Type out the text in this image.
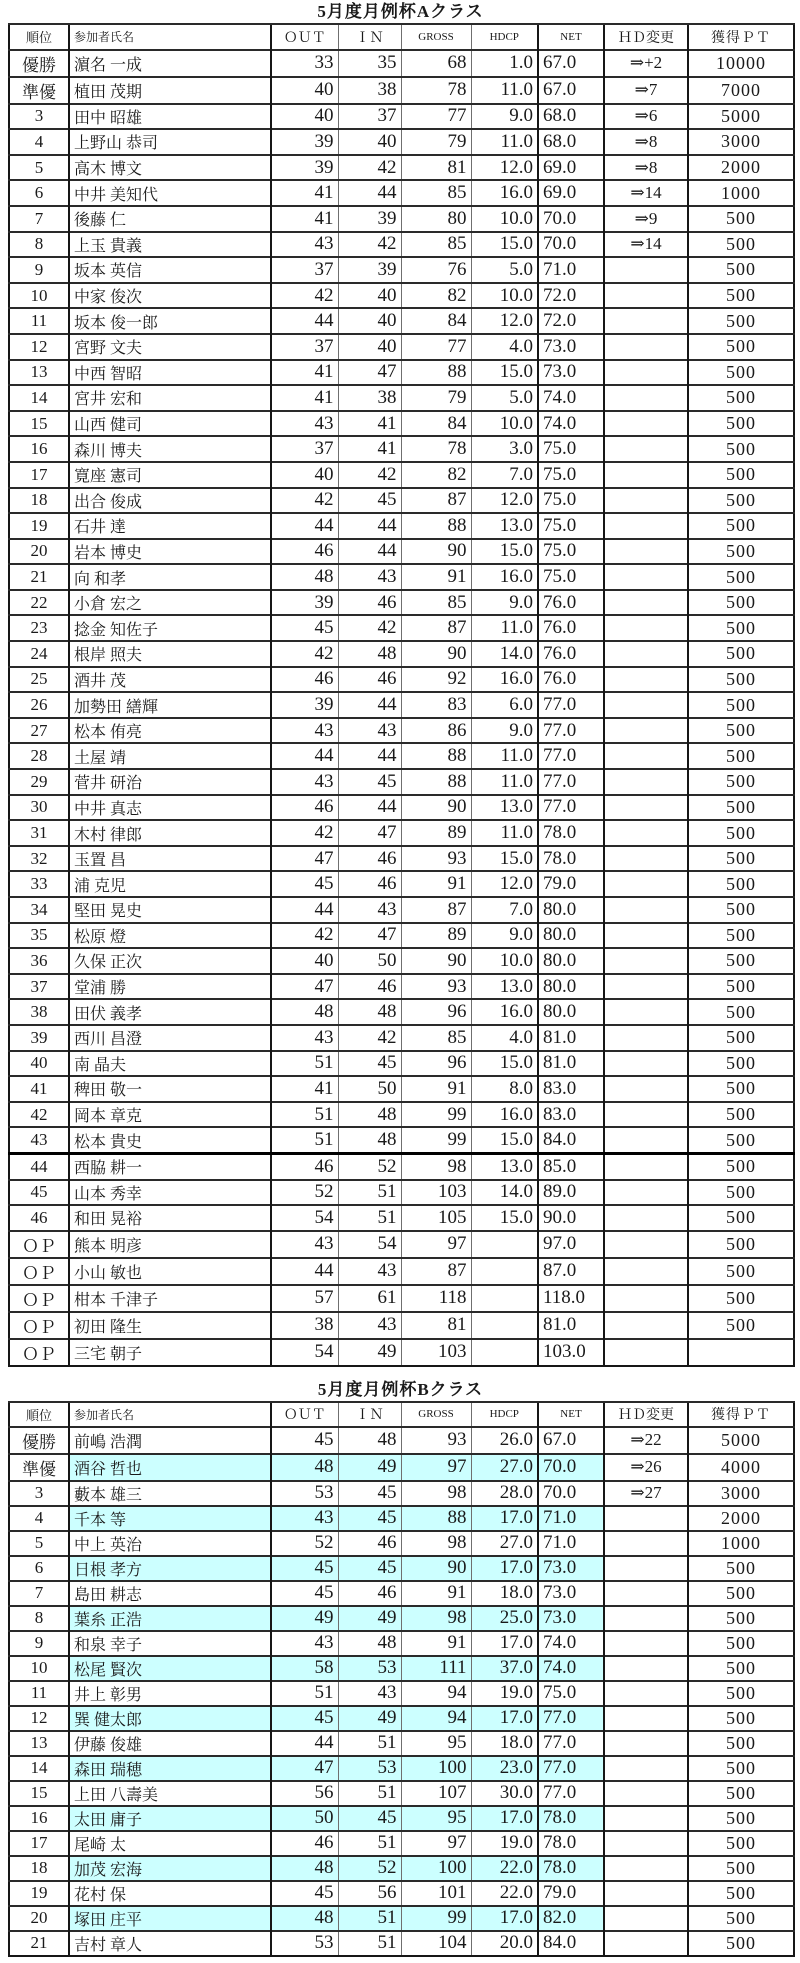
5月度月例杯Aクラス
順位	参加者氏名	ＯＵＴ	ＩＮ	GROSS	HDCP	NET	ＨＤ変更	獲得ＰＴ
優勝	濵名 一成	33	35	68	1.0	67.0	⇒+2	10000
準優	植田 茂期	40	38	78	11.0	67.0	⇒7	7000
3	田中 昭雄	40	37	77	9.0	68.0	⇒6	5000
4	上野山 恭司	39	40	79	11.0	68.0	⇒8	3000
5	高木 博文	39	42	81	12.0	69.0	⇒8	2000
6	中井 美知代	41	44	85	16.0	69.0	⇒14	1000
7	後藤 仁	41	39	80	10.0	70.0	⇒9	500
8	上玉 貴義	43	42	85	15.0	70.0	⇒14	500
9	坂本 英信	37	39	76	5.0	71.0		500
10	中家 俊次	42	40	82	10.0	72.0		500
11	坂本 俊一郎	44	40	84	12.0	72.0		500
12	宮野 文夫	37	40	77	4.0	73.0		500
13	中西 智昭	41	47	88	15.0	73.0		500
14	宮井 宏和	41	38	79	5.0	74.0		500
15	山西 健司	43	41	84	10.0	74.0		500
16	森川 博夫	37	41	78	3.0	75.0		500
17	寛座 憲司	40	42	82	7.0	75.0		500
18	出合 俊成	42	45	87	12.0	75.0		500
19	石井 達	44	44	88	13.0	75.0		500
20	岩本 博史	46	44	90	15.0	75.0		500
21	向 和孝	48	43	91	16.0	75.0		500
22	小倉 宏之	39	46	85	9.0	76.0		500
23	捻金 知佐子	45	42	87	11.0	76.0		500
24	根岸 照夫	42	48	90	14.0	76.0		500
25	酒井 茂	46	46	92	16.0	76.0		500
26	加勢田 繕輝	39	44	83	6.0	77.0		500
27	松本 侑亮	43	43	86	9.0	77.0		500
28	土屋 靖	44	44	88	11.0	77.0		500
29	菅井 研治	43	45	88	11.0	77.0		500
30	中井 真志	46	44	90	13.0	77.0		500
31	木村 律郎	42	47	89	11.0	78.0		500
32	玉置 昌	47	46	93	15.0	78.0		500
33	浦 克児	45	46	91	12.0	79.0		500
34	堅田 晃史	44	43	87	7.0	80.0		500
35	松原 燈	42	47	89	9.0	80.0		500
36	久保 正次	40	50	90	10.0	80.0		500
37	堂浦 勝	47	46	93	13.0	80.0		500
38	田伏 義孝	48	48	96	16.0	80.0		500
39	西川 昌澄	43	42	85	4.0	81.0		500
40	南 晶夫	51	45	96	15.0	81.0		500
41	稗田 敬一	41	50	91	8.0	83.0		500
42	岡本 章克	51	48	99	16.0	83.0		500
43	松本 貴史	51	48	99	15.0	84.0		500
44	西脇 耕一	46	52	98	13.0	85.0		500
45	山本 秀幸	52	51	103	14.0	89.0		500
46	和田 晃裕	54	51	105	15.0	90.0		500
ＯＰ	熊本 明彦	43	54	97		97.0		500
ＯＰ	小山 敏也	44	43	87		87.0		500
ＯＰ	柑本 千津子	57	61	118		118.0		500
ＯＰ	初田 隆生	38	43	81		81.0		500
ＯＰ	三宅 朝子	54	49	103		103.0		
5月度月例杯Bクラス
順位	参加者氏名	ＯＵＴ	ＩＮ	GROSS	HDCP	NET	ＨＤ変更	獲得ＰＴ
優勝	前嶋 浩潤	45	48	93	26.0	67.0	⇒22	5000
準優	酒谷 哲也	48	49	97	27.0	70.0	⇒26	4000
3	藪本 雄三	53	45	98	28.0	70.0	⇒27	3000
4	千本 等	43	45	88	17.0	71.0		2000
5	中上 英治	52	46	98	27.0	71.0		1000
6	日根 孝方	45	45	90	17.0	73.0		500
7	島田 耕志	45	46	91	18.0	73.0		500
8	葉糸 正浩	49	49	98	25.0	73.0		500
9	和泉 幸子	43	48	91	17.0	74.0		500
10	松尾 賢次	58	53	111	37.0	74.0		500
11	井上 彰男	51	43	94	19.0	75.0		500
12	巽 健太郎	45	49	94	17.0	77.0		500
13	伊藤 俊雄	44	51	95	18.0	77.0		500
14	森田 瑞穂	47	53	100	23.0	77.0		500
15	上田 八壽美	56	51	107	30.0	77.0		500
16	太田 庸子	50	45	95	17.0	78.0		500
17	尾崎 太	46	51	97	19.0	78.0		500
18	加茂 宏海	48	52	100	22.0	78.0		500
19	花村 保	45	56	101	22.0	79.0		500
20	塚田 庄平	48	51	99	17.0	82.0		500
21	吉村 章人	53	51	104	20.0	84.0		500
